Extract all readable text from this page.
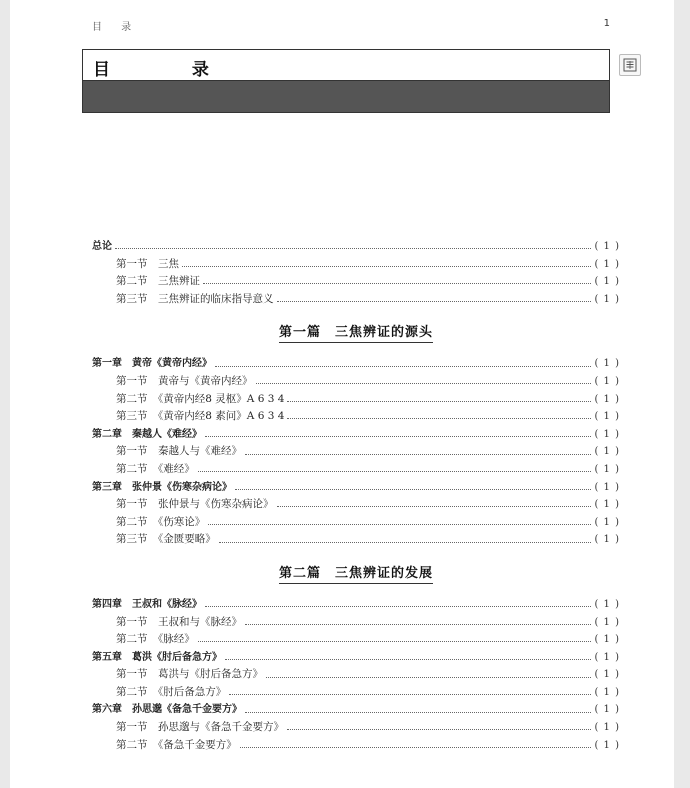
目 录	1
目 录
总论	( 1 )
第一节　三焦	( 1 )
第二节　三焦辨证	( 1 )
第三节　三焦辨证的临床指导意义	( 1 )
第一篇　三焦辨证的源头
第一章　黄帝《黄帝内经》	( 1 )
第一节　黄帝与《黄帝内经》	( 1 )
第二节　《黄帝内经8 灵枢》A 6 3 4	( 1 )
第三节　《黄帝内经8 素问》A 6 3 4	( 1 )
第二章　秦越人《难经》	( 1 )
第一节　秦越人与《难经》	( 1 )
第二节　《难经》	( 1 )
第三章　张仲景《伤寒杂病论》	( 1 )
第一节　张仲景与《伤寒杂病论》	( 1 )
第二节　《伤寒论》	( 1 )
第三节　《金匮要略》	( 1 )
第二篇　三焦辨证的发展
第四章　王叔和《脉经》	( 1 )
第一节　王叔和与《脉经》	( 1 )
第二节　《脉经》	( 1 )
第五章　葛洪《肘后备急方》	( 1 )
第一节　葛洪与《肘后备急方》	( 1 )
第二节　《肘后备急方》	( 1 )
第六章　孙思邈《备急千金要方》	( 1 )
第一节　孙思邈与《备急千金要方》	( 1 )
第二节　《备急千金要方》	( 1 )
